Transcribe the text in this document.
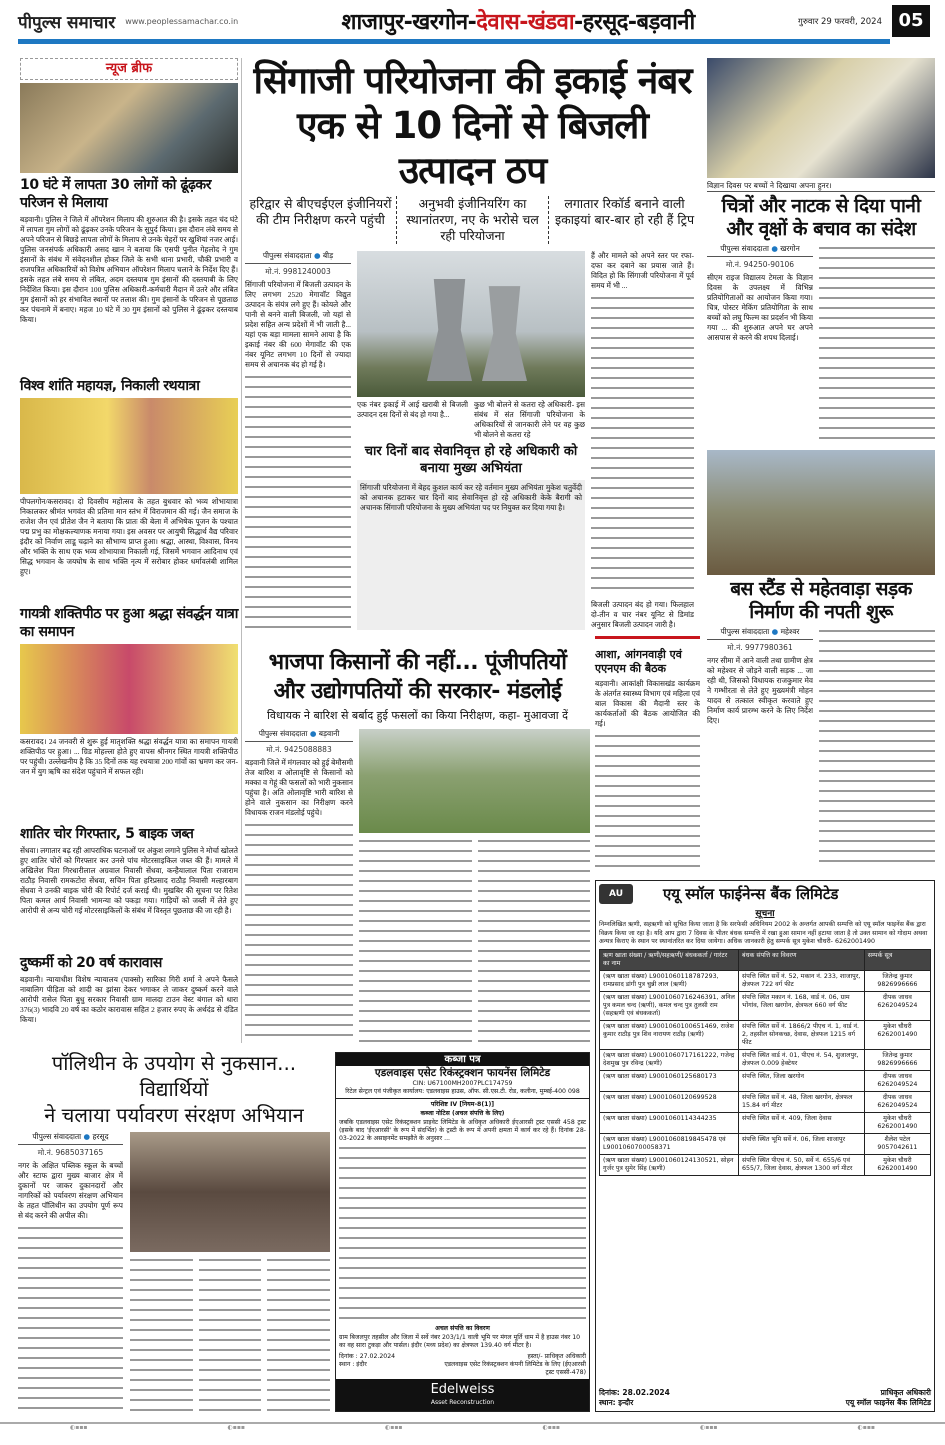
पीपुल्स समाचार www.peoplessamachar.co.in	शाजापुर-खरगोन-देवास-खंडवा-हरसूद-बड़वानी	गुरुवार 29 फरवरी, 2024 05
न्यूज ब्रीफ
10 घंटे में लापता 30 लोगों को ढूंढ़कर परिजन से मिलाया
बड़वानी। पुलिस ने जिले में ऑपरेशन मिलाप की शुरुआत की है। इसके तहत चंद घंटे में लापता गुम लोगों को ढूंढ़कर उनके परिजन के सुपुर्द किया। इस दौरान लंबे समय से अपने परिजन से बिछड़े लापता लोगों के मिलाप से उनके चेहरों पर खुशियां नजर आई। पुलिस जनसंपर्क अधिकारी असद खान ने बताया कि एसपी पुनीत गेहलोद ने गुम इंसानों के संबंध में संवेदनशील होकर जिले के सभी थाना प्रभारी, चौकी प्रभारी व राजपत्रित अधिकारियों को विशेष अभियान ऑपरेशन मिलाप चलाने के निर्देश दिए हैं। इसके तहत लंबे समय से लंबित, अदम दस्तयाब गुम इंसानों की दस्तयाबी के लिए निर्देशित किया। इस दौरान 100 पुलिस अधिकारी-कर्मचारी मैदान में उतरे और लंबित गुम इंसानों को हर संभावित स्थानों पर तलाश की। गुम इंसानों के परिजन से पूछताछ कर पंचनामे में बनाए। महज 10 घंटे में 30 गुम इंसानों को पुलिस ने ढूंढ़कर दस्तयाब किया।
विश्व शांति महायज्ञ, निकाली रथयात्रा
पीपलगोन/कसरावद। दो दिवसीय महोत्सव के तहत बुधवार को भव्य शोभायात्रा निकालकर श्रीमंत भगवंत की प्रतिमा मान स्तंभ में विराजमान की गई। जैन समाज के राजेश जैन एवं प्रीतेश जैन ने बताया कि प्रातः की बेला में अभिषेक पूजन के पश्चात पद्म प्रभु का मोक्षकल्याणक मनाया गया। इस अवसर पर आयुषी सिद्धार्थ वैद्य परिवार इंदौर को निर्वाण लाडू चढ़ाने का सौभाग्य प्राप्त हुआ। श्रद्धा, आस्था, विश्वास, विनय और भक्ति के साथ एक भव्य शोभायात्रा निकाली गई, जिसमें भगवान आदिनाथ एवं सिद्ध भगवान के जयघोष के साथ भक्ति नृत्य में सरोबार होकर धर्मावलंबी शामिल हुए।
गायत्री शक्तिपीठ पर हुआ श्रद्धा संवर्द्धन यात्रा का समापन
कसरावद। 24 जनवरी से शुरू हुई मातृशक्ति श्रद्धा संवर्द्धन यात्रा का समापन गायत्री शक्तिपीठ पर हुआ। ... ग्रिड मोहल्ला होते हुए वापस श्रीनगर स्थित गायत्री शक्तिपीठ पर पहुंची। उल्लेखनीय है कि 35 दिनों तक यह रथयात्रा 200 गांवों का भ्रमण कर जन-जन में युग ऋषि का संदेश पहुंचाने में सफल रही।
शातिर चोर गिरफ्तार, 5 बाइक जब्त
सेंधवा। लगातार बढ़ रही आपराधिक घटनाओं पर अंकुश लगाने पुलिस ने मोर्चा खोलते हुए शातिर चोरों को गिरफ्तार कर उनसे पांच मोटरसाइकिल जब्त की हैं। मामले में अखिलेश पिता गिरधारीलाल अग्रवाल निवासी सेंधवा, कन्हैयालाल पिता राजाराम राठौड़ निवासी रामकटोरा सेंधवा, सचिन पिता हरिप्रसाद राठौड़ निवासी मल्हारबाग सेंधवा ने उनकी बाइक चोरी की रिपोर्ट दर्ज कराई थी। मुखबिर की सूचना पर रितेश पिता कमल आर्य निवासी भामन्या को पकड़ा गया। गाड़ियों को जब्ती में लेते हुए आरोपी से अन्य चोरी गई मोटरसाइकिलों के संबंध में विस्तृत पूछताछ की जा रही है।
दुष्कर्मी को 20 वर्ष कारावास
बड़वानी। न्यायाधीश विशेष न्यायालय (पाक्सो) सारिका गिरी शर्मा ने अपने फैसले नाबालिग पीड़िता को शादी का झांसा देकर भगाकर ले जाकर दुष्कर्म करने वाले आरोपी रासेल पिता बुधु सरकार निवासी ग्राम मालदा टाउन वेस्ट बंगाल को धारा 376(3) भादवि 20 वर्ष का कठोर कारावास सहित 2 हजार रुपए के अर्थदंड से दंडित किया।
सिंगाजी परियोजना की इकाई नंबर
एक से 10 दिनों से बिजली उत्पादन ठप
हरिद्वार से बीएचईएल इंजीनियरों की टीम निरीक्षण करने पहुंची
अनुभवी इंजीनियरिंग का स्थानांतरण, नए के भरोसे चल रही परियोजना
लगातार रिकॉर्ड बनाने वाली इकाइयां बार-बार हो रही हैं ट्रिप
पीपुल्स संवाददाता ● बीड़
मो.नं. 9981240003
सिंगाजी परियोजना में बिजली उत्पादन के लिए लगभग 2520 मेगावॉट विद्युत उत्पादन के संयंत्र लगे हुए हैं। कोयले और पानी से बनने वाली बिजली, जो यहां से प्रदेश सहित अन्य प्रदेशों में भी जाती है... यहां एक बड़ा मामला सामने आया है कि इकाई नंबर की 600 मेगावॉट की एक नंबर यूनिट लगभग 10 दिनों से ज्यादा समय से अचानक बंद हो गई है।
एक नंबर इकाई में आई खराबी से बिजली उत्पादन दस दिनों से बंद हो गया है...
कुछ भी बोलने से कतरा रहे अधिकारी- इस संबंध में संत सिंगाजी परियोजना के अधिकारियों से जानकारी लेने पर वह कुछ भी बोलने से कतरा रहे
चार दिनों बाद सेवानिवृत्त हो रहे अधिकारी को बनाया मुख्य अभियंता
सिंगाजी परियोजना में बेहद कुशल कार्य कर रहे वर्तमान मुख्य अभियंता मुकेश चतुर्वेदी को अचानक हटाकर चार दिनों बाद सेवानिवृत्त हो रहे अधिकारी केके बैरागी को अचानक सिंगाजी परियोजना के मुख्य अभियंता पद पर नियुक्त कर दिया गया है।
हैं और मामले को अपने स्तर पर रफा-दफा कर दबाने का प्रयास जाते हैं। विदित हो कि सिंगाजी परियोजना में पूर्व समय में भी ...
बिजली उत्पादन बंद हो गया। फिलहाल दो-तीन व चार नंबर यूनिट से डिमांड अनुसार बिजली उत्पादन जारी है।
विज्ञान दिवस पर बच्चों ने दिखाया अपना हुनर।
चित्रों और नाटक से दिया पानी और वृक्षों के बचाव का संदेश
पीपुल्स संवाददाता ● खरगोन
मो.नं. 94250-90106
सीएम राइज विद्यालय टेमला के विज्ञान दिवस के उपलक्ष्य में विभिन्न प्रतियोगिताओं का आयोजन किया गया। चित्र, पोस्टर मेकिंग प्रतियोगिता के साथ बच्चों को लघु फिल्म का प्रदर्शन भी किया गया ... की शुरुआत अपने घर अपने आसपास से करने की शपथ दिलाई।
बस स्टैंड से महेतवाड़ा सड़क निर्माण की नपती शुरू
पीपुल्स संवाददाता ● महेश्वर
मो.नं. 9977980361
नगर सीमा में आने वाली तथा ग्रामीण क्षेत्र को महेश्वर से जोड़ने वाली सड़क ... जा रही थी, जिसको विधायक राजकुमार मेव ने गम्भीरता से लेते हुए मुख्यमंत्री मोहन यादव से तत्काल स्वीकृत करवाते हुए निर्माण कार्य प्रारम्भ करने के लिए निर्देश दिए।
भाजपा किसानों की नहीं... पूंजीपतियों
और उद्योगपतियों की सरकार- मंडलोई
विधायक ने बारिश से बर्बाद हुई फसलों का किया निरीक्षण, कहा- मुआवजा दें
पीपुल्स संवाददाता ● बड़वानी
मो.नं. 9425088883
बड़वानी जिले में मंगलवार को हुई बेमौसमी तेज बारिश व ओलावृष्टि से किसानों को मक्का व गेहूं की फसलों को भारी नुकसान पहुंचा है। अति ओलावृष्टि भारी बारिश से होने वाले नुकसान का निरीक्षण करने विधायक राजन मंडलोई पहुंचे।
आशा, आंगनवाड़ी एवं एएनएम की बैठक
बड़वानी। आकांक्षी विकासखंड कार्यक्रम के अंतर्गत स्वास्थ्य विभाग एवं महिला एवं बाल विकास की मैदानी स्तर के कार्यकर्ताओं की बैठक आयोजित की गई।
AU	एयू स्मॉल फाईनेन्स बैंक लिमिटेड
सूचना
निम्नलिखित ऋणी, सहऋणी को सूचित किया जाता है कि सरफेसी अधिनियम 2002 के अन्तर्गत आपकी सम्पत्ति को एयू स्मॉल फाइनेंस बैंक द्वारा विक्रय किया जा रहा है। यदि आप द्वारा 7 दिवस के भीतर बंधक सम्पत्ति में रखा हुआ सामान नहीं हटाया जाता है तो उक्त सामान को गोदाम अथवा अन्यत्र किराए के स्थान पर स्थानांतरित कर दिया जायेगा। अधिक जानकारी हेतु सम्पर्क सूत्र मुकेश चौधरी- 6262001490
ऋण खाता संख्या / ऋणी/सहऋणी/ बंधककर्ता / गारंटर का नाम	बंधक संपत्ति का विवरण	सम्पर्क सूत्र
(ऋण खाता संख्या) L9001060118787293, रामप्रसाद डांगी पुत्र चुन्नी लाल (ऋणी)	संपत्ति स्थित सर्वे नं. 52, मकान नं. 233, शाजापुर, क्षेत्रफल 722 वर्ग फीट	जितेन्द्र कुमार 9826996666
(ऋण खाता संख्या) L9001060716246391, अनिल पुत्र कमल चन्द (ऋणी), कमल चन्द पुत्र तुलसी राम (सहऋणी एवं बंधककर्ता)	संपत्ति स्थित मकान नं. 168, वार्ड नं. 06, ग्राम भोंगांव, जिला खरगोन, क्षेत्रफल 660 वर्ग फीट	दीपक जाधव 6262049524
(ऋण खाता संख्या) L9001060100651469, राजेश कुमार राठौड़ पुत्र शिव नारायण राठौड़ (ऋणी)	संपत्ति स्थित सर्वे नं. 1866/2 पीएच नं. 1, वार्ड नं. 2, तहसील सोनकच्छ, देवास, क्षेत्रफल 1215 वर्ग फीट	मुकेश चौधरी 6262001490
(ऋण खाता संख्या) L9001060717161222, गजेन्द्र देशमुख पुत्र रविन्द्र (ऋणी)	संपत्ति स्थित वार्ड नं. 01, पीएच नं. 54, शुजालपुर, क्षेत्रफल 0.009 हेक्टेयर	जितेन्द्र कुमार 9826996666
(ऋण खाता संख्या) L9001060125680173	संपत्ति स्थित, जिला खरगोन	दीपक जाधव 6262049524
(ऋण खाता संख्या) L9001060120699528	संपत्ति स्थित सर्वे नं. 48, जिला खरगोन, क्षेत्रफल 15.84 वर्ग मीटर	दीपक जाधव 6262049524
(ऋण खाता संख्या) L9001060114344235	संपत्ति स्थित सर्वे नं. 409, जिला देवास	मुकेश चौधरी 6262001490
(ऋण खाता संख्या) L9001060819845478 एवं L9001060700058371	संपत्ति स्थित भूमि सर्वे नं. 06, जिला शाजापुर	शैलेश पटेल 9057042611
(ऋण खाता संख्या) L9001060124130521, सोहन गुर्जर पुत्र सुमेर सिंह (ऋणी)	संपत्ति स्थित पीएच नं. 50, सर्वे नं. 655/6 एवं 655/7, जिला देवास, क्षेत्रफल 1300 वर्ग मीटर	मुकेश चौधरी 6262001490
दिनांक: 28.02.2024
स्थान: इन्दौर
प्राधिकृत अधिकारी
एयू स्मॉल फाइनेंस बैंक लिमिटेड
पॉलिथीन के उपयोग से नुकसान... विद्यार्थियों
ने चलाया पर्यावरण संरक्षण अभियान
पीपुल्स संवाददाता ● हरसूद
मो.नं. 9685037165
नगर के अक्षित पब्लिक स्कूल के बच्चों और स्टाफ द्वारा मुख्य बाजार क्षेत्र में दुकानों पर जाकर दुकानदारों और नागरिकों को पर्यावरण संरक्षण अभियान के तहत पॉलिथीन का उपयोग पूर्ण रूप से बंद करने की अपील की।
कब्जा पत्र
एडलवाइस एसेट रिकंस्ट्रक्शन फायनेंस लिमिटेड
CIN: U67100MH2007PLC174759
रिटेल सेन्ट्रल एवं पंजीकृत कार्यालय: एडलवाइस हाउस, ऑफ. सी.एस.टी. रोड, कलीना, मुम्बई-400 098
परिशिष्ट IV [नियम-8(1)]
कब्जा नोटिस (अचल संपत्ति के लिए)
जबकि एडलवाइस एसेट रिकंस्ट्रक्शन प्राइवेट लिमिटेड के अधिकृत अधिकारी ईएआरसी ट्रस्ट एससी 458 ट्रस्ट (इसके बाद 'ईएआरसी' के रूप में संदर्भित) के ट्रस्टी के रूप में अपनी क्षमता में कार्य कर रहे हैं। दिनांक 28-03-2022 के असाइनमेंट समझौते के अनुसार ...
अचल संपत्ति का विवरण
ग्राम बिजलपुर तहसील और जिला में सर्वे नंबर 203/1/1 वाली भूमि पर मंगल मूर्ति धाम में है हाउस नंबर 10 का वह सारा टुकड़ा और पार्सल। इंदौर (मध्य प्रदेश) का क्षेत्रफल 139.40 वर्ग मीटर है।
दिनांक : 27.02.2024
स्थान : इंदौर
हस्ता/- प्राधिकृत अधिकारी
एडलवाइस एसेट रिकंस्ट्रक्शन कंपनी लिमिटेड के लिए (ईएआरसी ट्रस्ट एससी-478)
Edelweiss
Asset Reconstruction
◐▪▪▪	◐▪▪▪	◐▪▪▪	◐▪▪▪	◐▪▪▪	◐▪▪▪
